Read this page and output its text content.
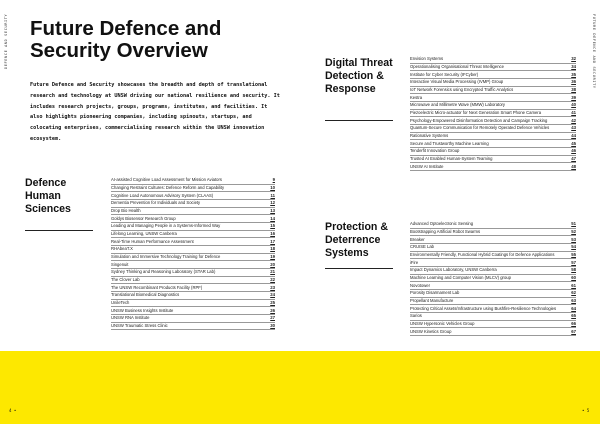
DEFENCE AND SECURITY	FUTURE DEFENCE AND SECURITY
Future Defence and Security Overview

Future Defence and Security showcases the breadth and depth of translational research and technology at UNSW driving our national resilience and security. It includes research projects, groups, programs, institutes, and facilities. It also highlights pioneering companies, including spinouts, startups, and colocating enterprises, commercialising research within the UNSW innovation ecosystem.

Defence Human Sciences
AI-assisted Cognitive Load Assessment for Mission Aviators	9
Changing Restraint Cultures: Defence Reform and Capability	10
Cognitive Load Autonomous Advisory System (CLAAS)	11
Dementia Prevention for Individuals and Society	12
Drop Bio Health	13
Goldys Biosensor Research Group	14
Leading and Managing People in a Systems-Informed Way	15
Lifelong Learning, UNSW Canberra	16
Real-Time Human Performance Assessment	17
RHAbeaT.X	18
Simulation and Immersive Technology Training for Defence	19
Singenuit	20
Sydney Thinking and Reasoning Laboratory (STAR Lab)	21
The Clover Lab	22
The UNSW Recombinant Products Facility (RPF)	23
Translational Biomedical Diagnostics	24
UnileTech	25
UNSW Business Insights Institute	26
UNSW RNA Institute	27
UNSW Traumatic Stress Clinic	30
Digital Threat Detection & Response
Envision Systems	32
Operationalising Organisational Threat Intelligence	34
Institute for Cyber Security (IFCyber)	35
Interactive Visual Media Processing (IVMP) Group	36
IoT Network Forensics using Encrypted Traffic Analytics	38
Kestra	39
Microwave and Millimetre Wave (MMW) Laboratory	40
Piezoelectric Micro-actuator for Next Generation Smart Phone Camera	41
Psychology-Empowered Disinformation Detection and Campaign Tracking	42
Quantum-Secure Communication for Remotely Operated Defence Vehicles	43
Rationative Systems	44
Secure and Trustworthy Machine Learning	45
Tenderfit Innovation Group	46
Trusted AI Enabled Human-System Teaming	47
UNSW AI Institute	48
Protection & Deterrence Systems
Advanced Optoelectronic Sensing	51
Bootstrapping Artificial Robot Swarms	52
Breaker	53
CRUISE Lab	54
Environmentally Friendly, Functional Hybrid Coatings for Defence Applications	55
iFire	57
Impact Dynamics Laboratory, UNSW Canberra	58
Machine Learning and Computer Vision (MLCV) group	60
Novotower	61
Porosity Disarmament Lab	62
Propellant Manufacture	63
Protecting Critical Assets/Infrastructure using Bushfire-Resilience Technologies	64
Sarios	65
UNSW Hypersonic Vehicles Group	66
UNSW Kinetics Group	67
4 •	• 5
